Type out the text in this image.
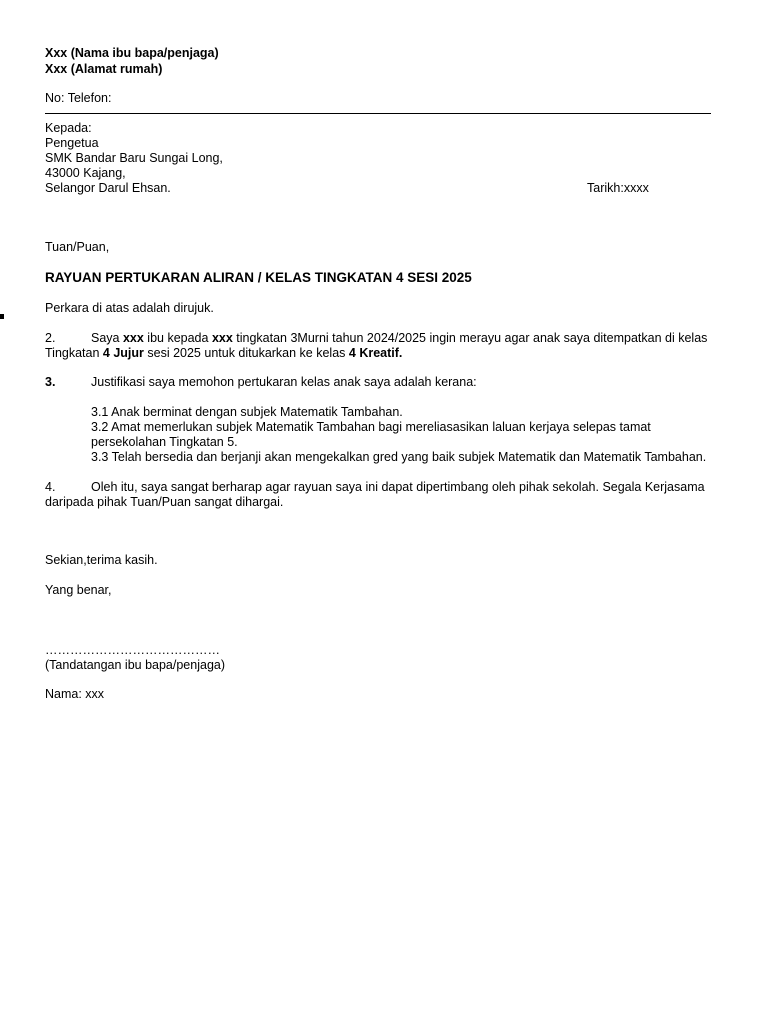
Xxx (Nama ibu bapa/penjaga)
Xxx (Alamat rumah)
No: Telefon:
Kepada:
Pengetua
SMK Bandar Baru Sungai Long,
43000 Kajang,
Selangor Darul Ehsan.	Tarikh:xxxx
Tuan/Puan,
RAYUAN PERTUKARAN ALIRAN / KELAS TINGKATAN 4 SESI 2025
Perkara di atas adalah dirujuk.
2.	Saya xxx ibu kepada xxx tingkatan 3Murni tahun 2024/2025 ingin merayu agar anak saya ditempatkan di kelas
Tingkatan 4 Jujur sesi 2025 untuk ditukarkan ke kelas 4 Kreatif.
3.	Justifikasi saya memohon pertukaran kelas anak saya adalah kerana:
3.1 Anak berminat dengan subjek Matematik Tambahan.
3.2 Amat memerlukan subjek Matematik Tambahan bagi mereliasasikan laluan kerjaya selepas tamat
persekolahan Tingkatan 5.
3.3 Telah bersedia dan berjanji akan mengekalkan gred yang baik subjek Matematik dan Matematik Tambahan.
4.	Oleh itu, saya sangat berharap agar rayuan saya ini dapat dipertimbang oleh pihak sekolah. Segala Kerjasama
daripada pihak Tuan/Puan sangat dihargai.
Sekian,terima kasih.
Yang benar,
……………………………………
(Tandatangan ibu bapa/penjaga)
Nama: xxx
